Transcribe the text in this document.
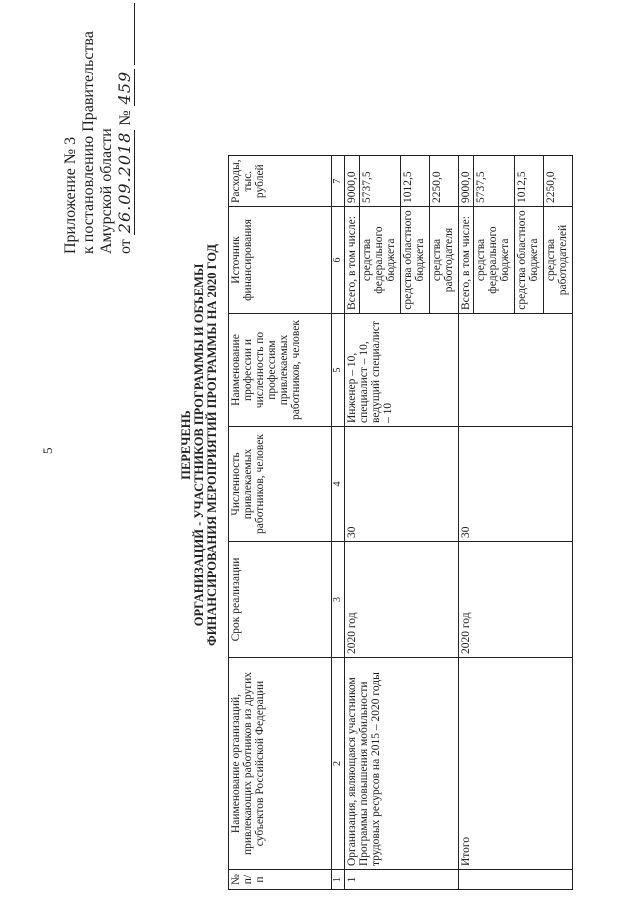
5
Приложение № 3 к постановлению Правительства Амурской области от 26.09.2018 № 459
ПЕРЕЧЕНЬ ОРГАНИЗАЦИЙ - УЧАСТНИКОВ ПРОГРАММЫ И ОБЪЕМЫ ФИНАНСИРОВАНИЯ МЕРОПРИЯТИЙ ПРОГРАММЫ НА 2020 ГОД
№ п/п	Наименование организаций, привлекающих работников из других субъектов Российской Федерации	Срок реализации	Численность привлекаемых работников, человек	Наименование профессии и численность по профессиям привлекаемых работников, человек	Источник финансирования	Расходы, тыс. рублей
1	2	3	4	5	6	7
1	Организация, являющаяся участником Программы повышения мобильности трудовых ресурсов на 2015 – 2020 годы	2020 год	30	Инженер – 10, специалист – 10, ведущий специалист – 10	Всего, в том числе:	9000,0
					средства федерального бюджета	5737,5
					средства областного бюджета	1012,5
					средства работодателя	2250,0
	Итого	2020 год	30		Всего, в том числе:	9000,0
					средства федерального бюджета	5737,5
					средства областного бюджета	1012,5
					средства работодателей	2250,0
